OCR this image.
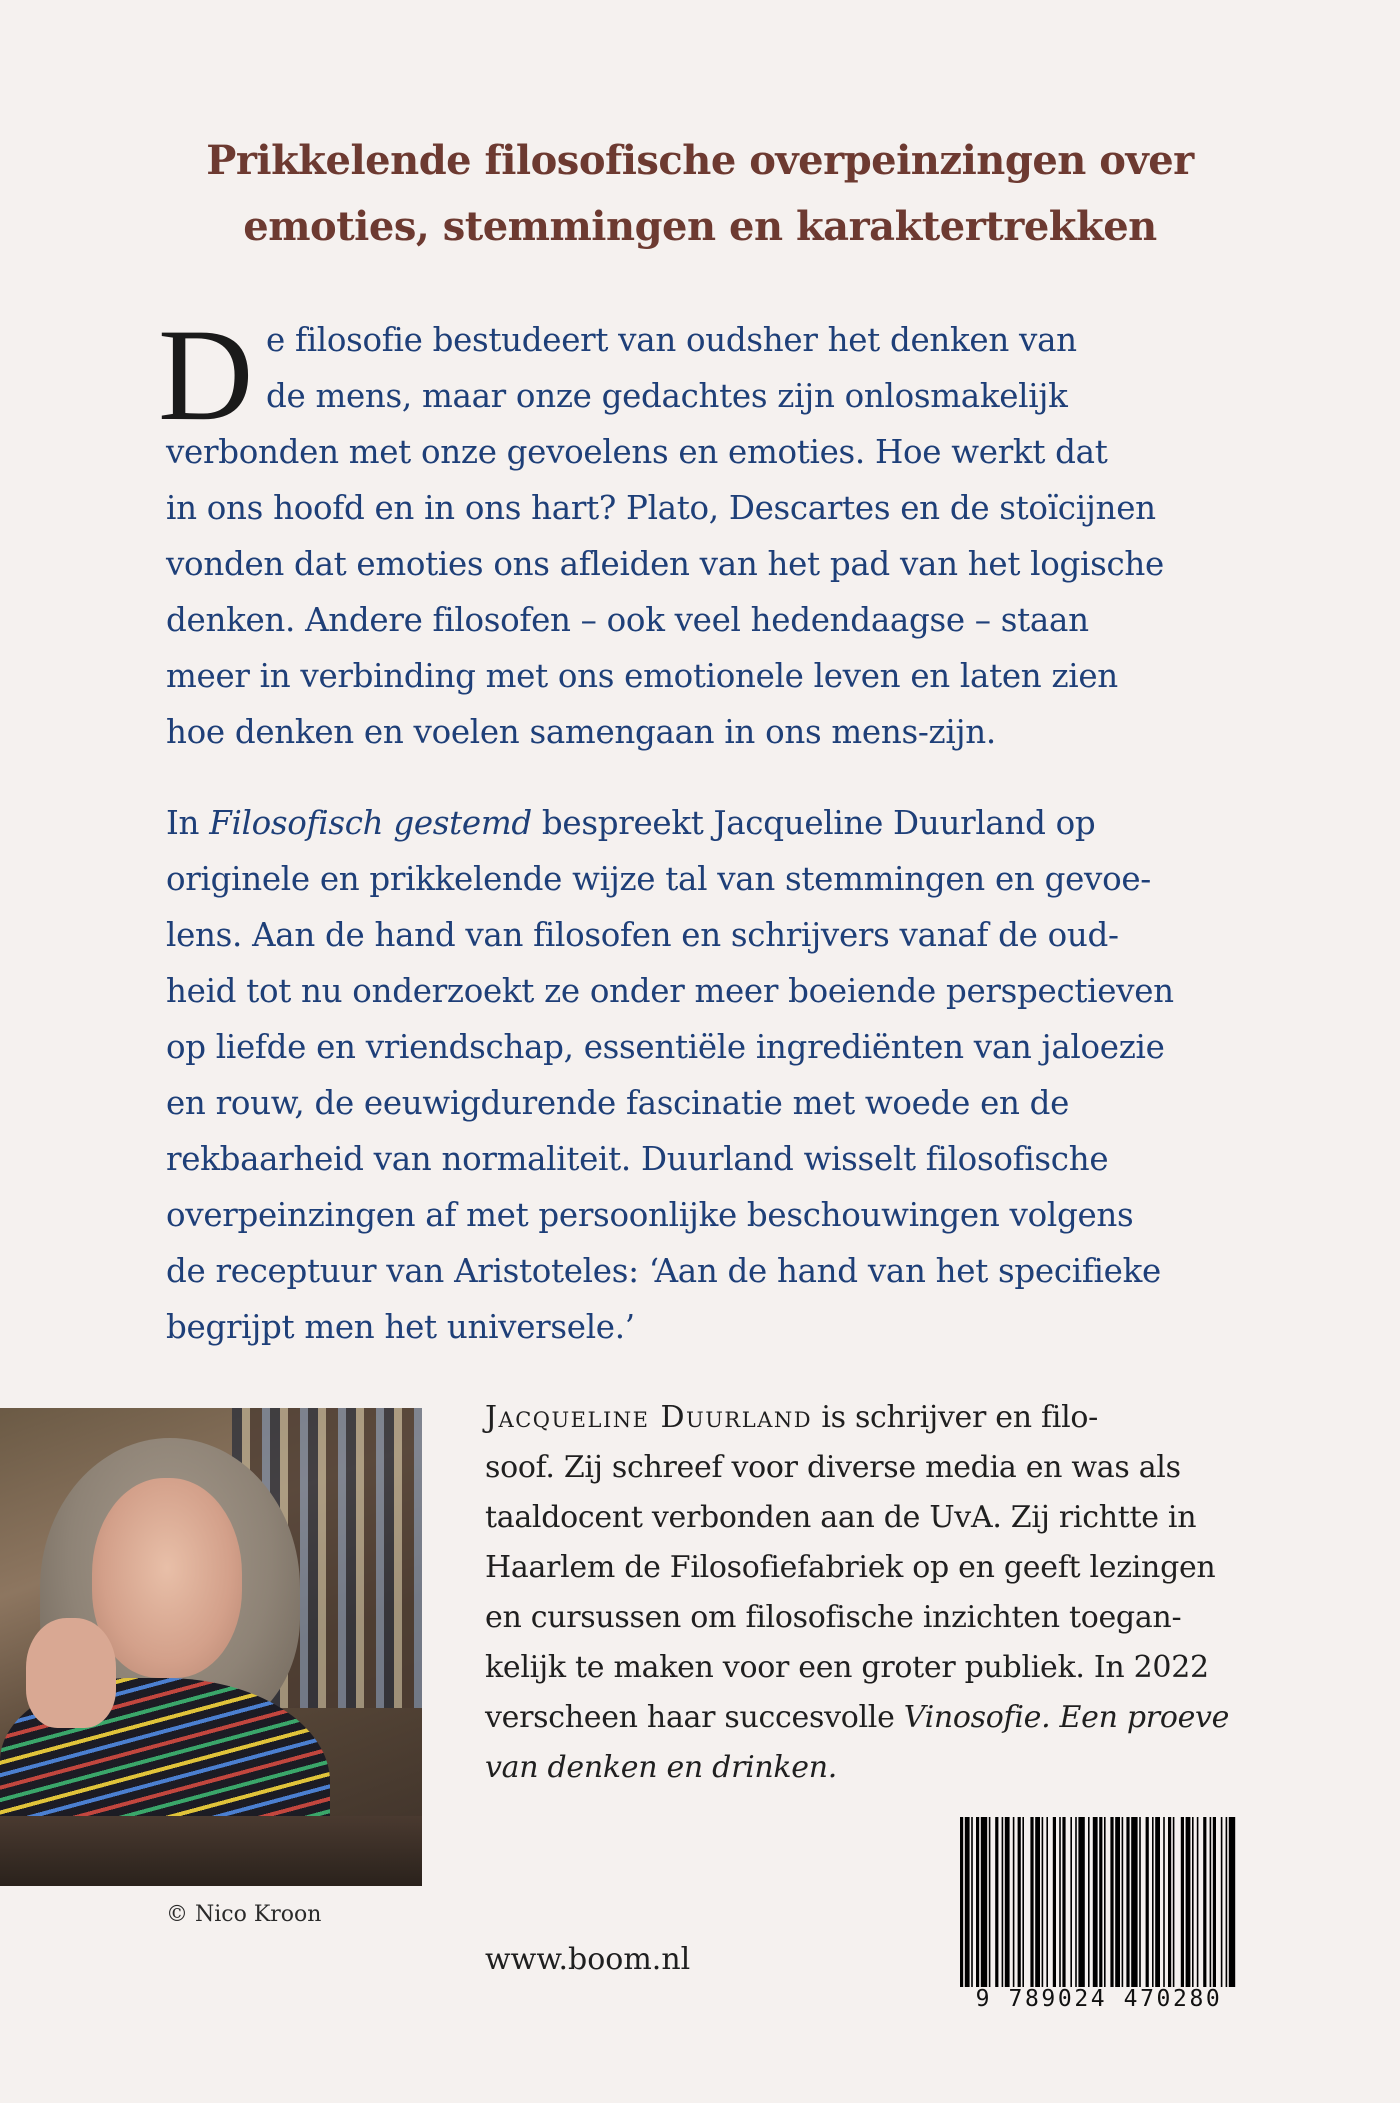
Prikkelende filosofische overpeinzingen over
emoties, stemmingen en karaktertrekken
D e filosofie bestudeert van oudsher het denken van
de mens, maar onze gedachtes zijn onlosmakelijk
verbonden met onze gevoelens en emoties. Hoe werkt dat
in ons hoofd en in ons hart? Plato, Descartes en de stoïcijnen
vonden dat emoties ons afleiden van het pad van het logische
denken. Andere filosofen – ook veel hedendaagse – staan
meer in verbinding met ons emotionele leven en laten zien
hoe denken en voelen samengaan in ons mens-zijn.
In Filosofisch gestemd bespreekt Jacqueline Duurland op
originele en prikkelende wijze tal van stemmingen en gevoe-
lens. Aan de hand van filosofen en schrijvers vanaf de oud-
heid tot nu onderzoekt ze onder meer boeiende perspectieven
op liefde en vriendschap, essentiële ingrediënten van jaloezie
en rouw, de eeuwigdurende fascinatie met woede en de
rekbaarheid van normaliteit. Duurland wisselt filosofische
overpeinzingen af met persoonlijke beschouwingen volgens
de receptuur van Aristoteles: ‘Aan de hand van het specifieke
begrijpt men het universele.’
© Nico Kroon
Jacqueline Duurland is schrijver en filo-
soof. Zij schreef voor diverse media en was als
taaldocent verbonden aan de UvA. Zij richtte in
Haarlem de Filosofiefabriek op en geeft lezingen
en cursussen om filosofische inzichten toegan-
kelijk te maken voor een groter publiek. In 2022
verscheen haar succesvolle Vinosofie. Een proeve
van denken en drinken.
www.boom.nl
9 789024 470280
